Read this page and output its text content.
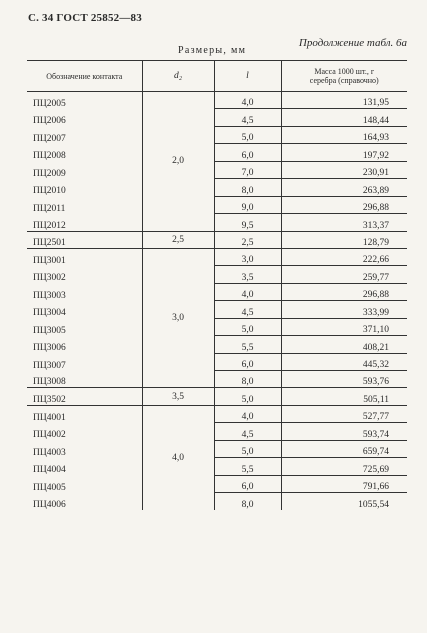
С. 34 ГОСТ 25852—83
Продолжение табл. 6а
Размеры, мм
Обозначение контакта	d₂	l	Масса 1000 шт., г
серебра (справочно)

ПЦ2005	2,0	4,0	131,95
ПЦ2006		4,5	148,44
ПЦ2007		5,0	164,93
ПЦ2008		6,0	197,92
ПЦ2009		7,0	230,91
ПЦ2010		8,0	263,89
ПЦ2011		9,0	296,88
ПЦ2012		9,5	313,37
ПЦ2501	2,5	2,5	128,79
ПЦ3001	3,0	3,0	222,66
ПЦ3002		3,5	259,77
ПЦ3003		4,0	296,88
ПЦ3004		4,5	333,99
ПЦ3005		5,0	371,10
ПЦ3006		5,5	408,21
ПЦ3007		6,0	445,32
ПЦ3008		8,0	593,76
ПЦ3502	3,5	5,0	505,11
ПЦ4001	4,0	4,0	527,77
ПЦ4002		4,5	593,74
ПЦ4003		5,0	659,74
ПЦ4004		5,5	725,69
ПЦ4005		6,0	791,66
ПЦ4006		8,0	1055,54
